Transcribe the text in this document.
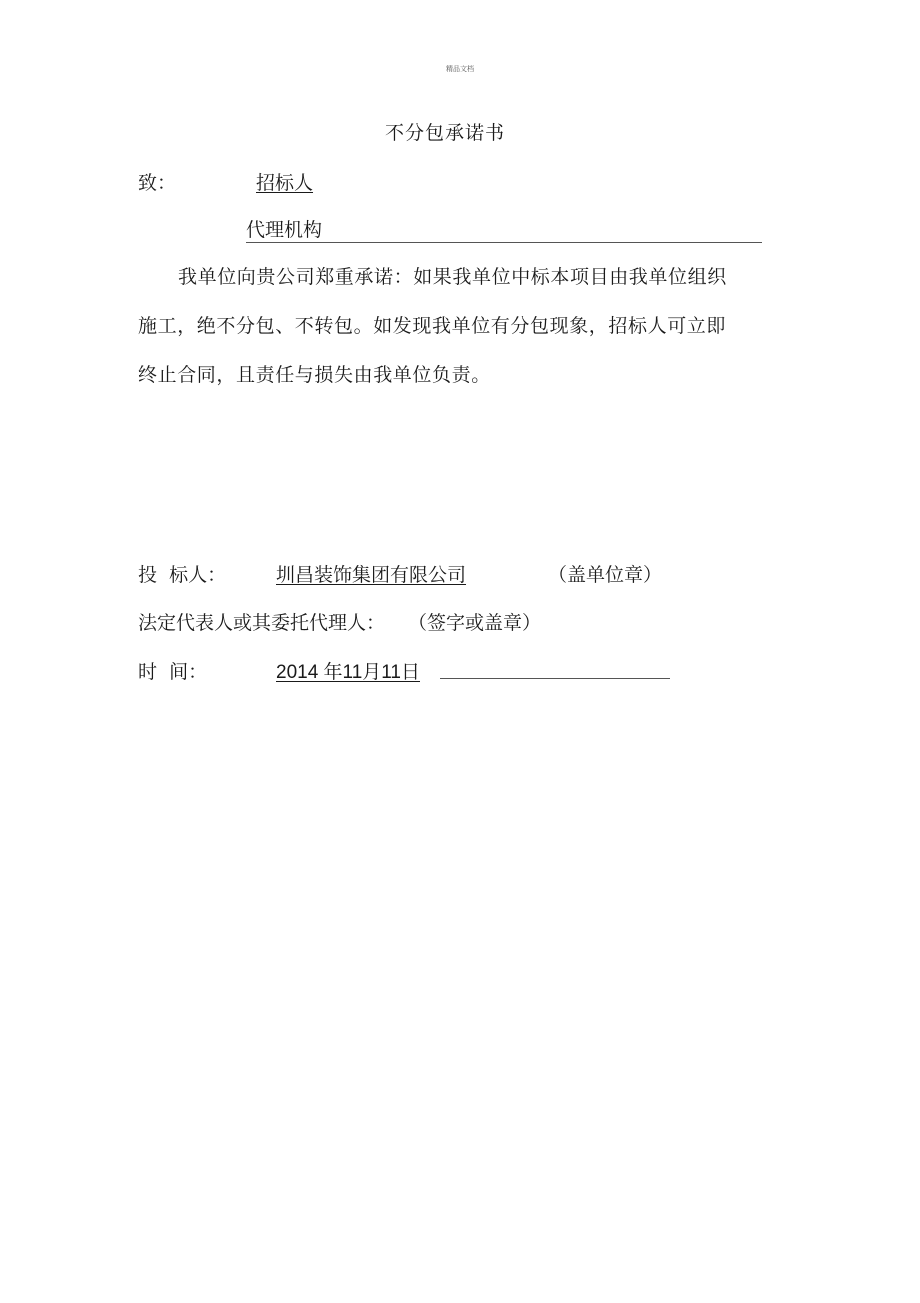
精品文档
不分包承诺书
致：	招标人
代理机构
我单位向贵公司郑重承诺：如果我单位中标本项目由我单位组织
施工，绝不分包、不转包。如发现我单位有分包现象，招标人可立即
终止合同，且责任与损失由我单位负责。
投  标人：	圳昌装饰集团有限公司	（盖单位章）
法定代表人或其委托代理人： （签字或盖章）
时  间：	2014 年11月11日
